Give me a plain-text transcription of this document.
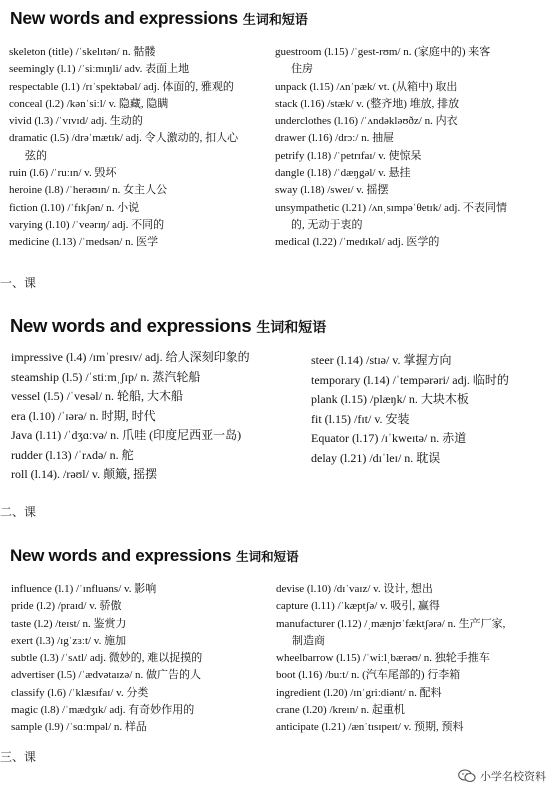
New words and expressions 生词和短语
skeleton (title) /ˈskelɪtən/ n. 骷髅
seemingly (l.1) /ˈsiːmɪŋli/ adv. 表面上地
respectable (l.1) /rɪˈspektəbəl/ adj. 体面的, 雅观的
conceal (l.2) /kənˈsiːl/ v. 隐藏, 隐瞒
vivid (l.3) /ˈvɪvɪd/ adj. 生动的
dramatic (l.5) /drəˈmætɪk/ adj. 令人激动的, 扣人心
弦的
ruin (l.6) /ˈruːɪn/ v. 毁坏
heroine (l.8) /ˈherəʊɪn/ n. 女主人公
fiction (l.10) /ˈfɪkʃən/ n. 小说
varying (l.10) /ˈveərɪŋ/ adj. 不同的
medicine (l.13) /ˈmedsən/ n. 医学
guestroom (l.15) /ˈgest-rʊm/ n. (家庭中的) 来客
住房
unpack (l.15) /ʌnˈpæk/ vt. (从箱中) 取出
stack (l.16) /stæk/ v. (整齐地) 堆放, 排放
underclothes (l.16) /ˈʌndəkləʊðz/ n. 内衣
drawer (l.16) /drɔː/ n. 抽屉
petrify (l.18) /ˈpetrɪfaɪ/ v. 使惊呆
dangle (l.18) /ˈdæŋgəl/ v. 悬挂
sway (l.18) /sweɪ/ v. 摇摆
unsympathetic (l.21) /ʌnˌsɪmpəˈθetɪk/ adj. 不表同情
的, 无动于衷的
medical (l.22) /ˈmedɪkəl/ adj. 医学的
一、课
New words and expressions 生词和短语
impressive (l.4) /ɪmˈpresɪv/ adj. 给人深刻印象的
steamship (l.5) /ˈstiːmˌʃɪp/ n. 蒸汽轮船
vessel (l.5) /ˈvesəl/ n. 轮船, 大木船
era (l.10) /ˈɪərə/ n. 时期, 时代
Java (l.11) /ˈdʒɑːvə/ n. 爪哇 (印度尼西亚一岛)
rudder (l.13) /ˈrʌdə/ n. 舵
roll (l.14). /rəʊl/ v. 颠簸, 摇摆
steer (l.14) /stɪə/ v. 掌握方向
temporary (l.14) /ˈtempərəri/ adj. 临时的
plank (l.15) /plæŋk/ n. 大块木板
fit (l.15) /fɪt/ v. 安装
Equator (l.17) /ɪˈkweɪtə/ n. 赤道
delay (l.21) /dɪˈleɪ/ n. 耽误
二、课
New words and expressions 生词和短语
influence (l.1) /ˈɪnfluəns/ v. 影响
pride (l.2) /praɪd/ v. 骄傲
taste (l.2) /teɪst/ n. 鉴赏力
exert (l.3) /ɪgˈzɜːt/ v. 施加
subtle (l.3) /ˈsʌtl/ adj. 微妙的, 难以捉摸的
advertiser (l.5) /ˈædvətaɪzə/ n. 做广告的人
classify (l.6) /ˈklæsɪfaɪ/ v. 分类
magic (l.8) /ˈmædʒɪk/ adj. 有奇妙作用的
sample (l.9) /ˈsɑːmpəl/ n. 样品
devise (l.10) /dɪˈvaɪz/ v. 设计, 想出
capture (l.11) /ˈkæptʃə/ v. 吸引, 赢得
manufacturer (l.12) /ˌmænjʊˈfæktʃərə/ n. 生产厂家,
制造商
wheelbarrow (l.15) /ˈwiːlˌbærəʊ/ n. 独轮手推车
boot (l.16) /buːt/ n. (汽车尾部的) 行李箱
ingredient (l.20) /ɪnˈgriːdiənt/ n. 配料
crane (l.20) /kreɪn/ n. 起重机
anticipate (l.21) /ænˈtɪsɪpeɪt/ v. 预期, 预料
三、课
小学名校资料
